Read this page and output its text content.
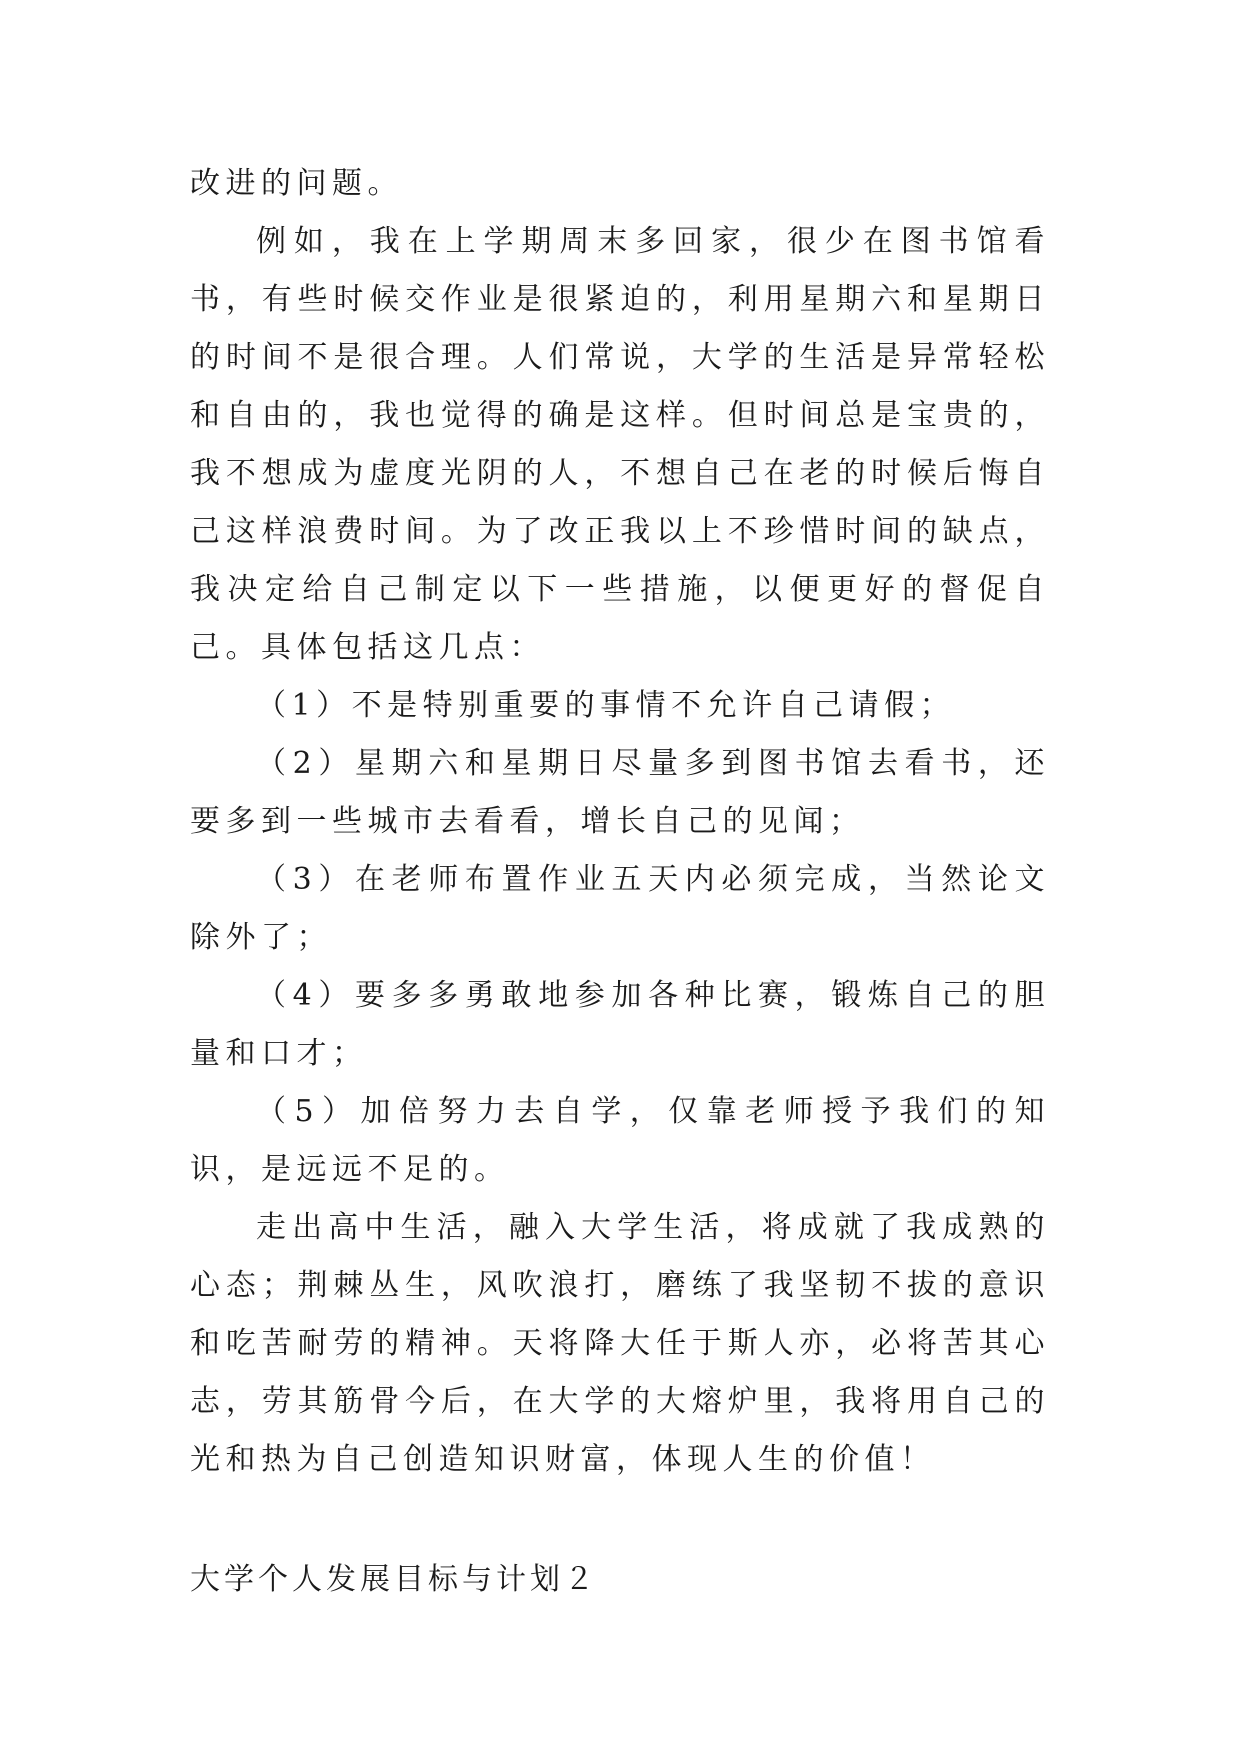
改进的问题。

例如，我在上学期周末多回家，很少在图书馆看书，有些时候交作业是很紧迫的，利用星期六和星期日的时间不是很合理。人们常说，大学的生活是异常轻松和自由的，我也觉得的确是这样。但时间总是宝贵的，我不想成为虚度光阴的人，不想自己在老的时候后悔自己这样浪费时间。为了改正我以上不珍惜时间的缺点，我决定给自己制定以下一些措施，以便更好的督促自己。具体包括这几点：

（1）不是特别重要的事情不允许自己请假；

（2）星期六和星期日尽量多到图书馆去看书，还要多到一些城市去看看，增长自己的见闻；

（3）在老师布置作业五天内必须完成，当然论文除外了；

（4）要多多勇敢地参加各种比赛，锻炼自己的胆量和口才；

（5）加倍努力去自学，仅靠老师授予我们的知识，是远远不足的。

走出高中生活，融入大学生活，将成就了我成熟的心态；荆棘丛生，风吹浪打，磨练了我坚韧不拔的意识和吃苦耐劳的精神。天将降大任于斯人亦，必将苦其心志，劳其筋骨今后，在大学的大熔炉里，我将用自己的光和热为自己创造知识财富，体现人生的价值！

大学个人发展目标与计划２
